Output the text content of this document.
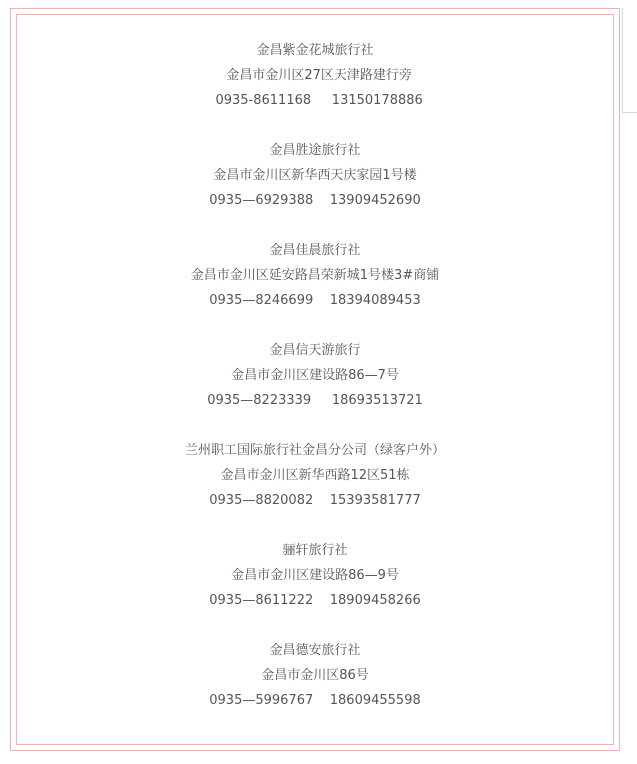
金昌紫金花城旅行社
金昌市金川区27区天津路建行旁
0935-8611168     13150178886
金昌胜途旅行社
金昌市金川区新华西天庆家园1号楼
0935—6929388    13909452690
金昌佳晨旅行社
金昌市金川区延安路昌荣新城1号楼3#商铺
0935—8246699    18394089453
金昌信天游旅行
金昌市金川区建设路86—7号
0935—8223339     18693513721
兰州职工国际旅行社金昌分公司（绿客户外）
金昌市金川区新华西路12区51栋
0935—8820082    15393581777
骊轩旅行社
金昌市金川区建设路86—9号
0935—8611222    18909458266
金昌德安旅行社
金昌市金川区86号
0935—5996767    18609455598
